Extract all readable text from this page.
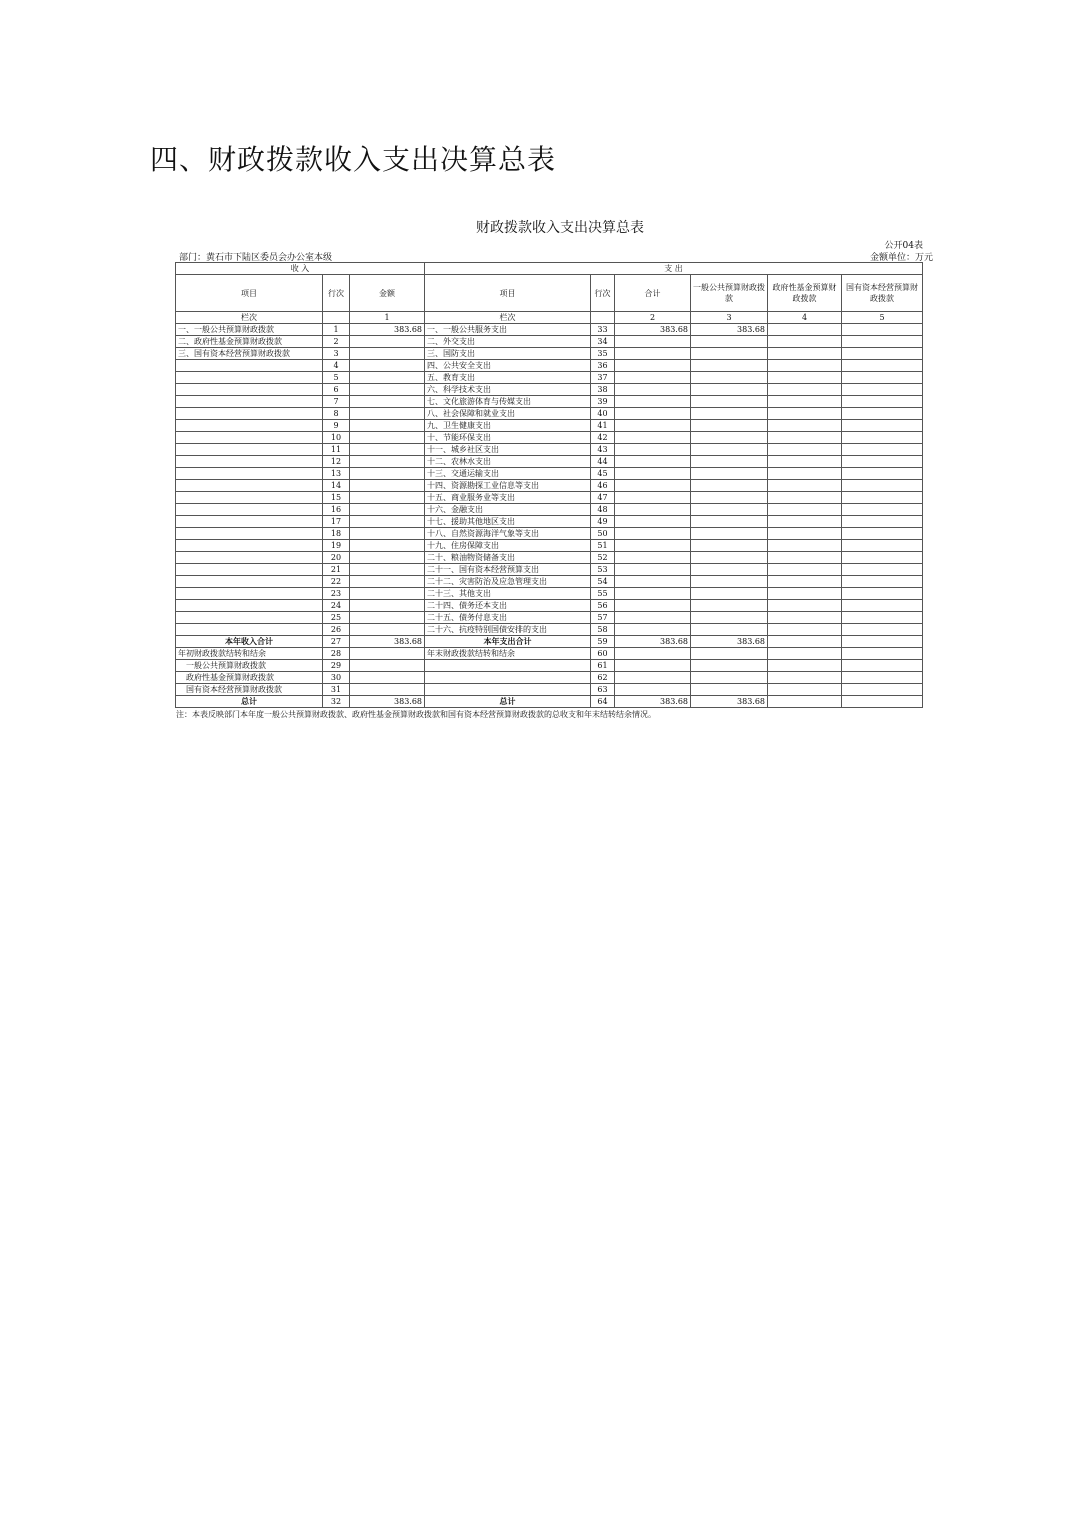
四、财政拨款收入支出决算总表
财政拨款收入支出决算总表
公开04表
部门：黄石市下陆区委员会办公室本级	金额单位：万元
收 入			支 出					
项目	行次	金额	项目	行次	合计	一般公共预算财政拨款	政府性基金预算财政拨款	国有资本经营预算财政拨款
栏次		1	栏次		2	3	4	5
一、一般公共预算财政拨款	1	383.68	一、一般公共服务支出	33	383.68	383.68		
二、政府性基金预算财政拨款	2		二、外交支出	34				
三、国有资本经营预算财政拨款	3		三、国防支出	35				
	4		四、公共安全支出	36				
	5		五、教育支出	37				
	6		六、科学技术支出	38				
	7		七、文化旅游体育与传媒支出	39				
	8		八、社会保障和就业支出	40				
	9		九、卫生健康支出	41				
	10		十、节能环保支出	42				
	11		十一、城乡社区支出	43				
	12		十二、农林水支出	44				
	13		十三、交通运输支出	45				
	14		十四、资源勘探工业信息等支出	46				
	15		十五、商业服务业等支出	47				
	16		十六、金融支出	48				
	17		十七、援助其他地区支出	49				
	18		十八、自然资源海洋气象等支出	50				
	19		十九、住房保障支出	51				
	20		二十、粮油物资储备支出	52				
	21		二十一、国有资本经营预算支出	53				
	22		二十二、灾害防治及应急管理支出	54				
	23		二十三、其他支出	55				
	24		二十四、债务还本支出	56				
	25		二十五、债务付息支出	57				
	26		二十六、抗疫特别国债安排的支出	58				
本年收入合计	27	383.68	本年支出合计	59	383.68	383.68		
年初财政拨款结转和结余	28		年末财政拨款结转和结余	60				
一般公共预算财政拨款	29			61				
政府性基金预算财政拨款	30			62				
国有资本经营预算财政拨款	31			63				
总计	32	383.68	总计	64	383.68	383.68		
注：本表反映部门本年度一般公共预算财政拨款、政府性基金预算财政拨款和国有资本经营预算财政拨款的总收支和年末结转结余情况。
